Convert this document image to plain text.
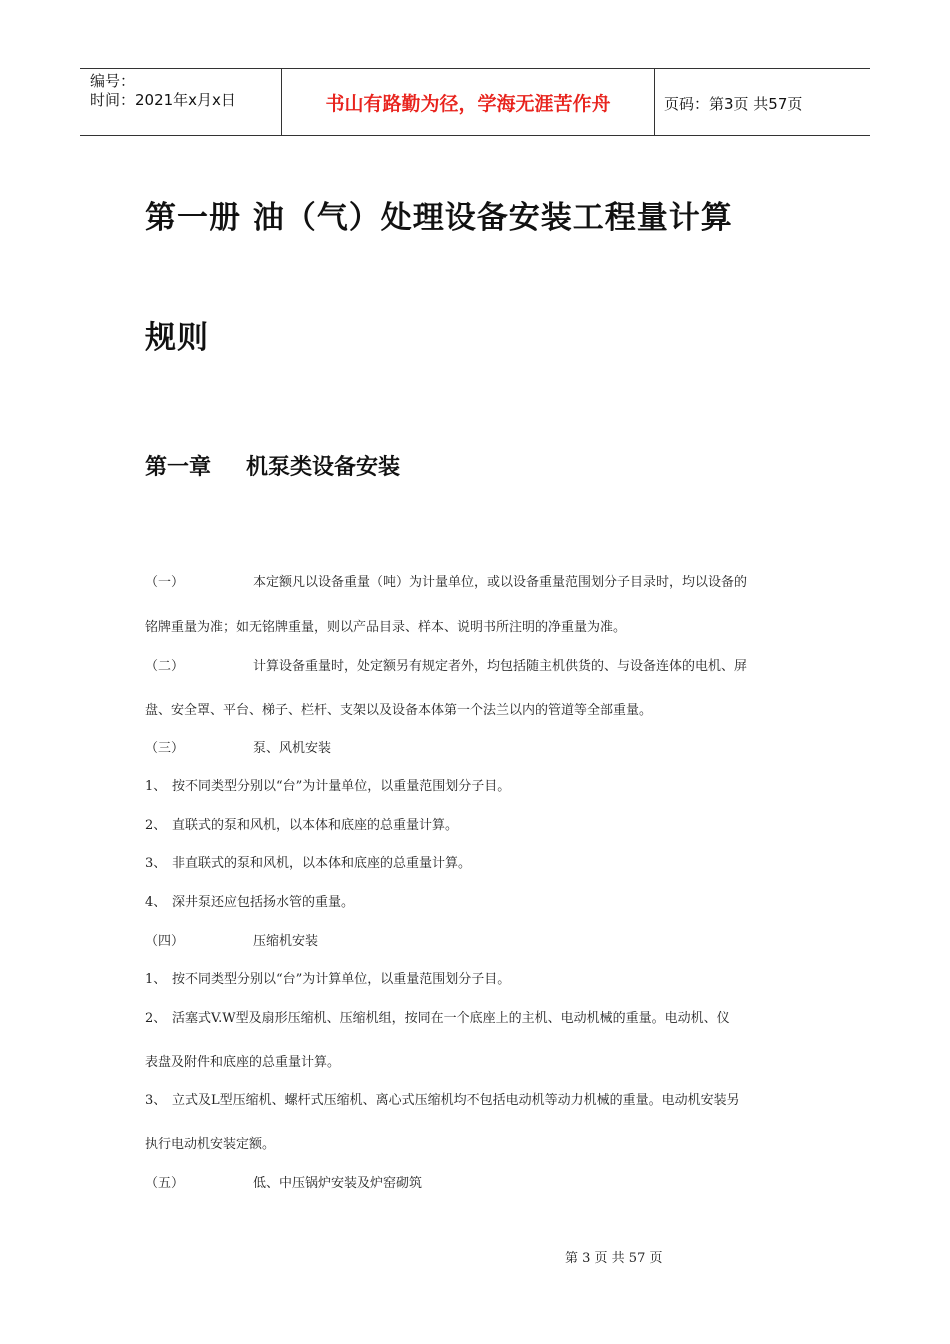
编号：
时间：2021年x月x日	书山有路勤为径，学海无涯苦作舟	页码：第3页 共57页
第一册 油（气）处理设备安装工程量计算
规则
第一章 机泵类设备安装
（一）	本定额凡以设备重量（吨）为计量单位，或以设备重量范围划分子目录时，均以设备的
铭牌重量为准；如无铭牌重量，则以产品目录、样本、说明书所注明的净重量为准。
（二）	计算设备重量时，处定额另有规定者外，均包括随主机供货的、与设备连体的电机、屏
盘、安全罩、平台、梯子、栏杆、支架以及设备本体第一个法兰以内的管道等全部重量。
（三）	泵、风机安装
1、 按不同类型分别以“台”为计量单位，以重量范围划分子目。
2、 直联式的泵和风机，以本体和底座的总重量计算。
3、 非直联式的泵和风机，以本体和底座的总重量计算。
4、 深井泵还应包括扬水管的重量。
（四）	压缩机安装
1、 按不同类型分别以“台”为计算单位，以重量范围划分子目。
2、 活塞式V.W型及扇形压缩机、压缩机组，按同在一个底座上的主机、电动机械的重量。电动机、仪
表盘及附件和底座的总重量计算。
3、 立式及L型压缩机、螺杆式压缩机、离心式压缩机均不包括电动机等动力机械的重量。电动机安装另
执行电动机安装定额。
（五）	低、中压锅炉安装及炉窑砌筑
第 3 页 共 57 页
